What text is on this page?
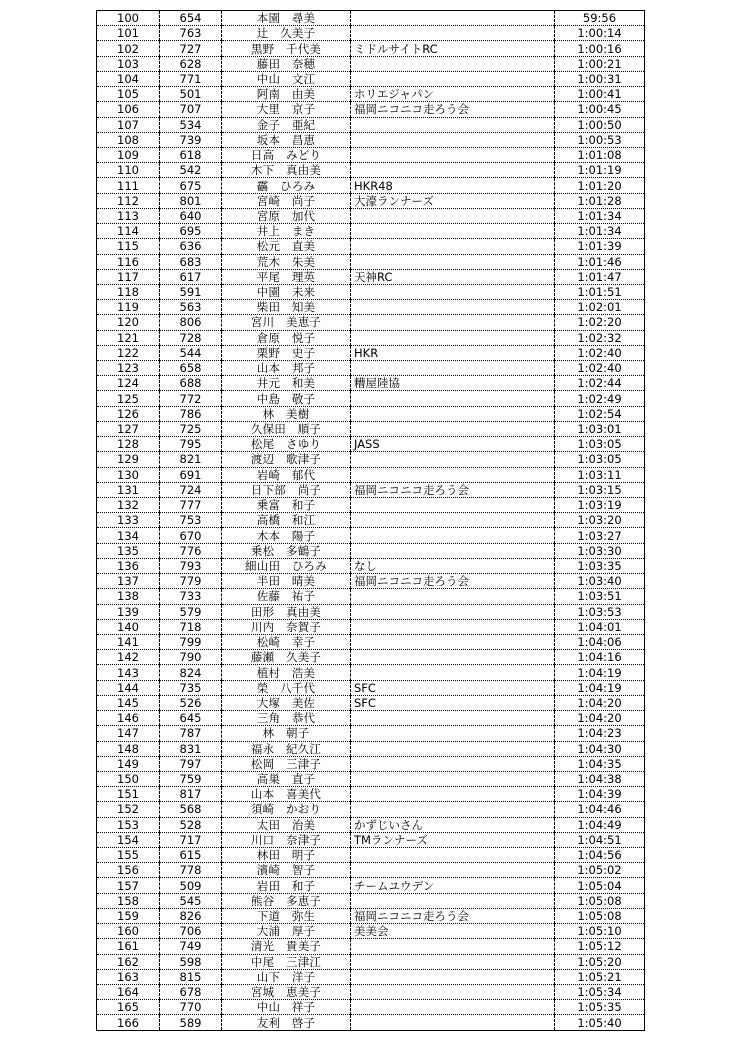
100	654	本園　尋美		59:56
101	763	辻　久美子		1:00:14
102	727	黒野　千代美	ミドルサイトRC	1:00:16
103	628	藤田　奈穂		1:00:21
104	771	中山　文江		1:00:31
105	501	阿南　由美	ホリエジャパン	1:00:41
106	707	大里　京子	福岡ニコニコ走ろう会	1:00:45
107	534	金子　亜紀		1:00:50
108	739	坂本　昌恵		1:00:53
109	618	日高　みどり		1:01:08
110	542	木下　真由美		1:01:19
111	675	靏　ひろみ	HKR48	1:01:20
112	801	宮崎　尚子	大濠ランナーズ	1:01:28
113	640	宮原　加代		1:01:34
114	695	井上　まき		1:01:34
115	636	松元　直美		1:01:39
116	683	荒木　朱美		1:01:46
117	617	平尾　理英	天神RC	1:01:47
118	591	中園　未来		1:01:51
119	563	柴田　知美		1:02:01
120	806	宮川　美恵子		1:02:20
121	728	倉原　悦子		1:02:32
122	544	栗野　史子	HKR	1:02:40
123	658	山本　邦子		1:02:40
124	688	井元　和美	糟屋陸協	1:02:44
125	772	中島　敬子		1:02:49
126	786	林　美樹		1:02:54
127	725	久保田　順子		1:03:01
128	795	松尾　さゆり	JASS	1:03:05
129	821	渡辺　歌津子		1:03:05
130	691	岩崎　郁代		1:03:11
131	724	日下部　尚子	福岡ニコニコ走ろう会	1:03:15
132	777	乗富　和子		1:03:19
133	753	高橋　和江		1:03:20
134	670	木本　陽子		1:03:27
135	776	乗松　多鶴子		1:03:30
136	793	細山田　ひろみ	なし	1:03:35
137	779	半田　晴美	福岡ニコニコ走ろう会	1:03:40
138	733	佐藤　祐子		1:03:51
139	579	田形　真由美		1:03:53
140	718	川内　奈賀子		1:04:01
141	799	松崎　幸子		1:04:06
142	790	藤瀬　久美子		1:04:16
143	824	植村　浩美		1:04:19
144	735	榮　八千代	SFC	1:04:19
145	526	大塚　美佐	SFC	1:04:20
146	645	三角　恭代		1:04:20
147	787	林　朝子		1:04:23
148	831	福永　紀久江		1:04:30
149	797	松岡　三津子		1:04:35
150	759	高巣　直子		1:04:38
151	817	山本　喜美代		1:04:39
152	568	須崎　かおり		1:04:46
153	528	太田　治美	かずじいさん	1:04:49
154	717	川口　奈津子	TMランナーズ	1:04:51
155	615	林田　明子		1:04:56
156	778	濱崎　智子		1:05:02
157	509	岩田　和子	チームユウデン	1:05:04
158	545	熊谷　多恵子		1:05:08
159	826	下道　弥生	福岡ニコニコ走ろう会	1:05:08
160	706	大浦　厚子	美美会	1:05:10
161	749	清光　貴美子		1:05:12
162	598	中尾　三津江		1:05:20
163	815	山下　洋子		1:05:21
164	678	宮城　恵美子		1:05:34
165	770	中山　祥子		1:05:35
166	589	友利　啓子		1:05:40
